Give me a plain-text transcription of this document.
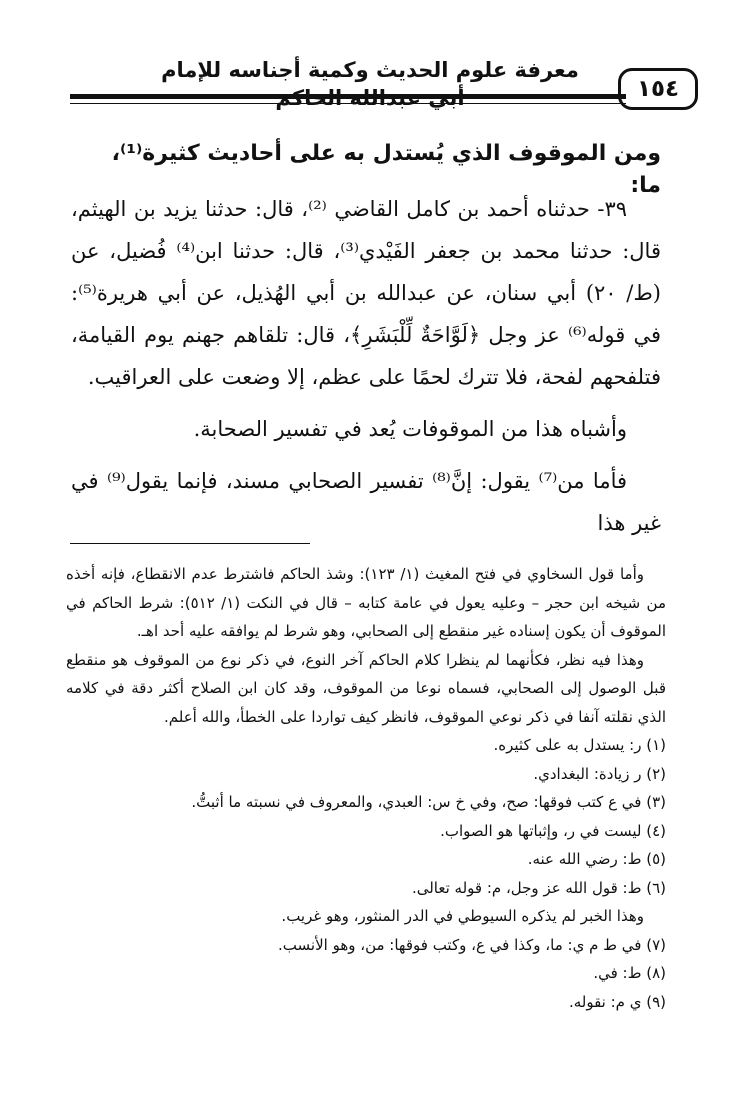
معرفة علوم الحديث وكمية أجناسه للإمام
١٥٤
ومن الموقوف الذي يُستدل به على أحاديث كثيرة⁽¹⁾، ما:

٣٩- حدثناه أحمد بن كامل القاضي ⁽²⁾، قال: حدثنا يزيد بن الهيثم، قال: حدثنا محمد بن جعفر الفَيْدي⁽³⁾، قال: حدثنا ابن⁽⁴⁾ فُضيل، عن (ط/ ٢٠) أبي سنان، عن عبدالله بن أبي الهُذيل، عن أبي هريرة⁽⁵⁾: في قوله⁽⁶⁾ عز وجل ﴿لَوَّاحَةٌ لِّلْبَشَرِ﴾، قال: تلقاهم جهنم يوم القيامة، فتلفحهم لفحة، فلا تترك لحمًا على عظم، إلا وضعت على العراقيب.

وأشباه هذا من الموقوفات يُعد في تفسير الصحابة.

فأما من⁽⁷⁾ يقول: إنَّ⁽⁸⁾ تفسير الصحابي مسند، فإنما يقول⁽⁹⁾ في غير هذا

وأما قول السخاوي في فتح المغيث (١/ ١٢٣): وشذ الحاكم فاشترط عدم الانقطاع، فإنه أخذه من شيخه ابن حجر – وعليه يعول في عامة كتابه – قال في النكت (١/ ٥١٢): شرط الحاكم في الموقوف أن يكون إسناده غير منقطع إلى الصحابي، وهو شرط لم يوافقه عليه أحد اهـ.

وهذا فيه نظر، فكأنهما لم ينظرا كلام الحاكم آخر النوع، في ذكر نوع من الموقوف هو منقطع قبل الوصول إلى الصحابي، فسماه نوعا من الموقوف، وقد كان ابن الصلاح أكثر دقة في كلامه الذي نقلته آنفا في ذكر نوعي الموقوف، فانظر كيف تواردا على الخطأ، والله أعلم.

(١) ر: يستدل به على كثيره.
(٢) ر زيادة: البغدادي.
(٣) في ع كتب فوقها: صح، وفي خ س: العبدي، والمعروف في نسبته ما أثبتُّ.
(٤) ليست في ر، وإثباتها هو الصواب.
(٥) ط: رضي الله عنه.
(٦) ط: قول الله عز وجل، م: قوله تعالى.

وهذا الخبر لم يذكره السيوطي في الدر المنثور، وهو غريب.

(٧) في ط م ي: ما، وكذا في ع، وكتب فوقها: من، وهو الأنسب.
(٨) ط: في.
(٩) ي م: نقوله.
